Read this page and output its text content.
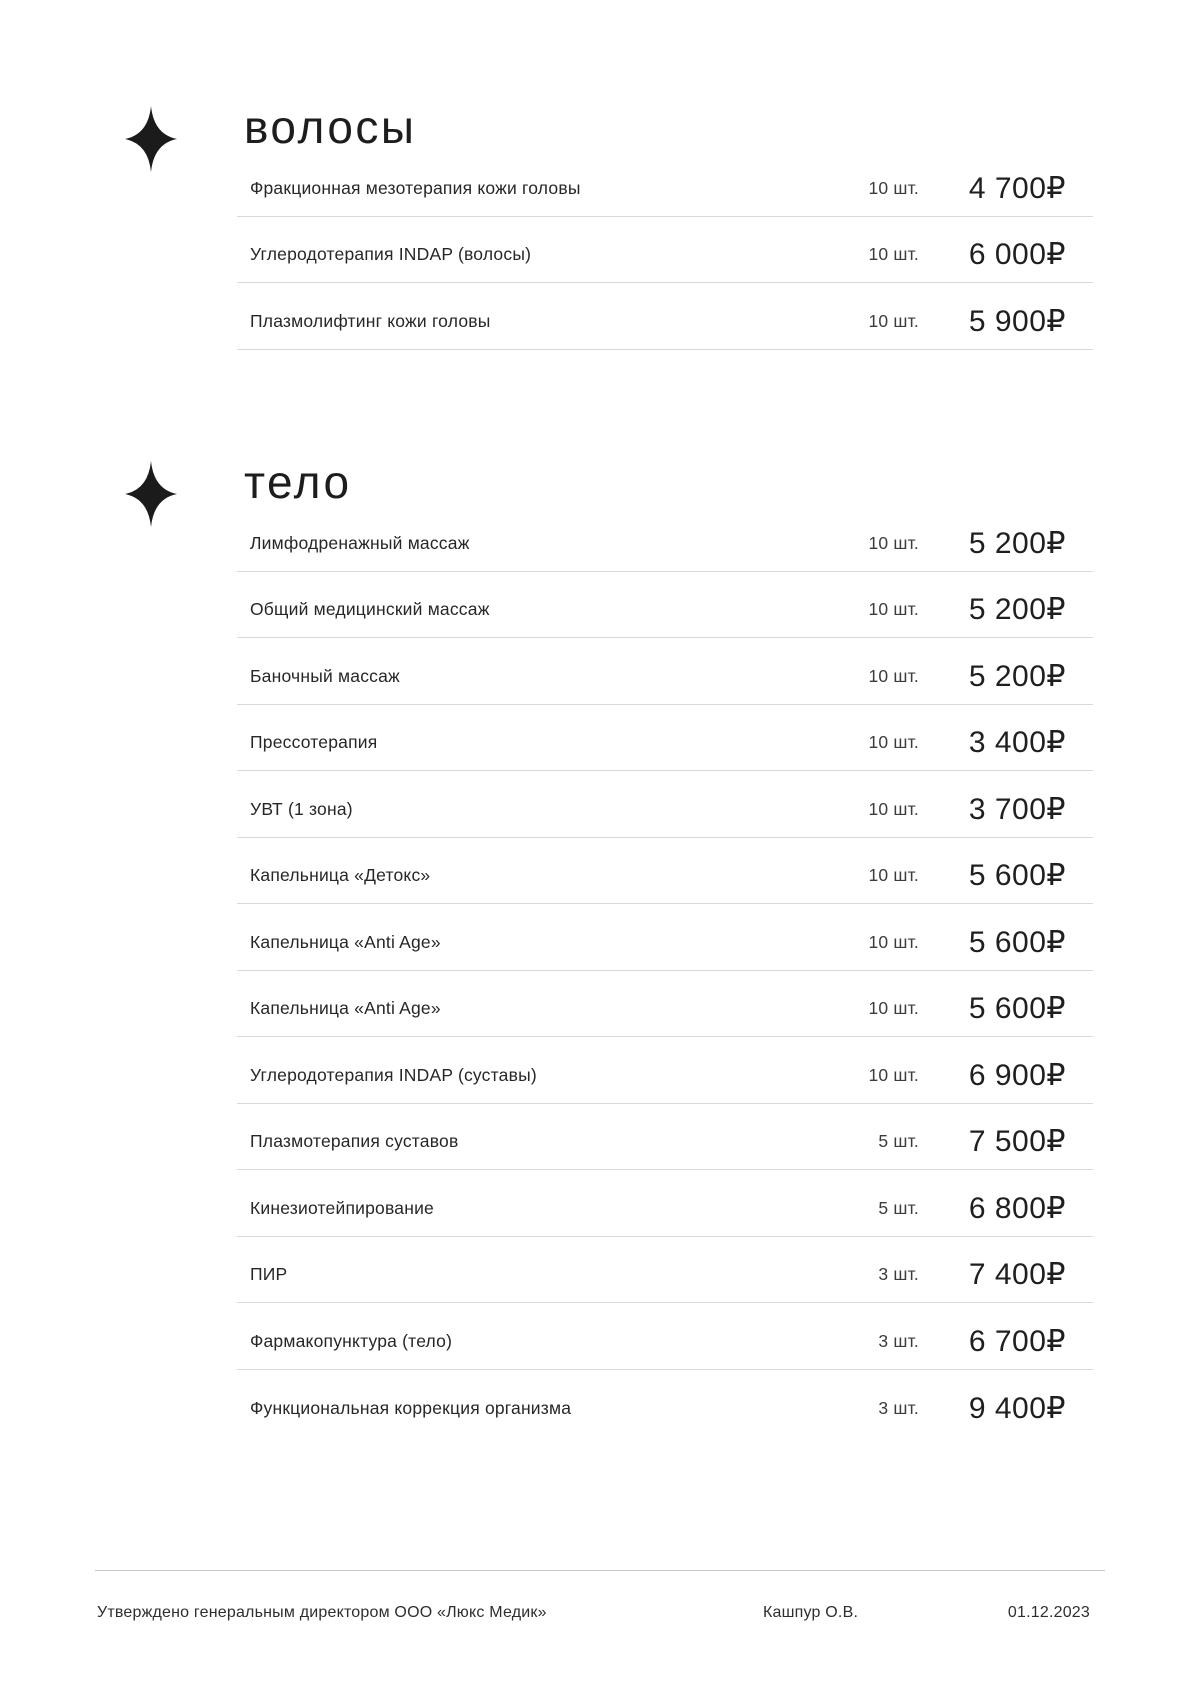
волосы
Фракционная мезотерапия кожи головы	10 шт.	4 700₽
Углеродотерапия INDAP (волосы)	10 шт.	6 000₽
Плазмолифтинг кожи головы	10 шт.	5 900₽
тело
Лимфодренажный массаж	10 шт.	5 200₽
Общий медицинский массаж	10 шт.	5 200₽
Баночный массаж	10 шт.	5 200₽
Прессотерапия	10 шт.	3 400₽
УВТ (1 зона)	10 шт.	3 700₽
Капельница «Детокс»	10 шт.	5 600₽
Капельница «Anti Age»	10 шт.	5 600₽
Капельница «Anti Age»	10 шт.	5 600₽
Углеродотерапия INDAP (суставы)	10 шт.	6 900₽
Плазмотерапия суставов	5 шт.	7 500₽
Кинезиотейпирование	5 шт.	6 800₽
ПИР	3 шт.	7 400₽
Фармакопунктура (тело)	3 шт.	6 700₽
Функциональная коррекция организма	3 шт.	9 400₽
Утверждено генеральным директором ООО «Люкс Медик»	Кашпур О.В.	01.12.2023
